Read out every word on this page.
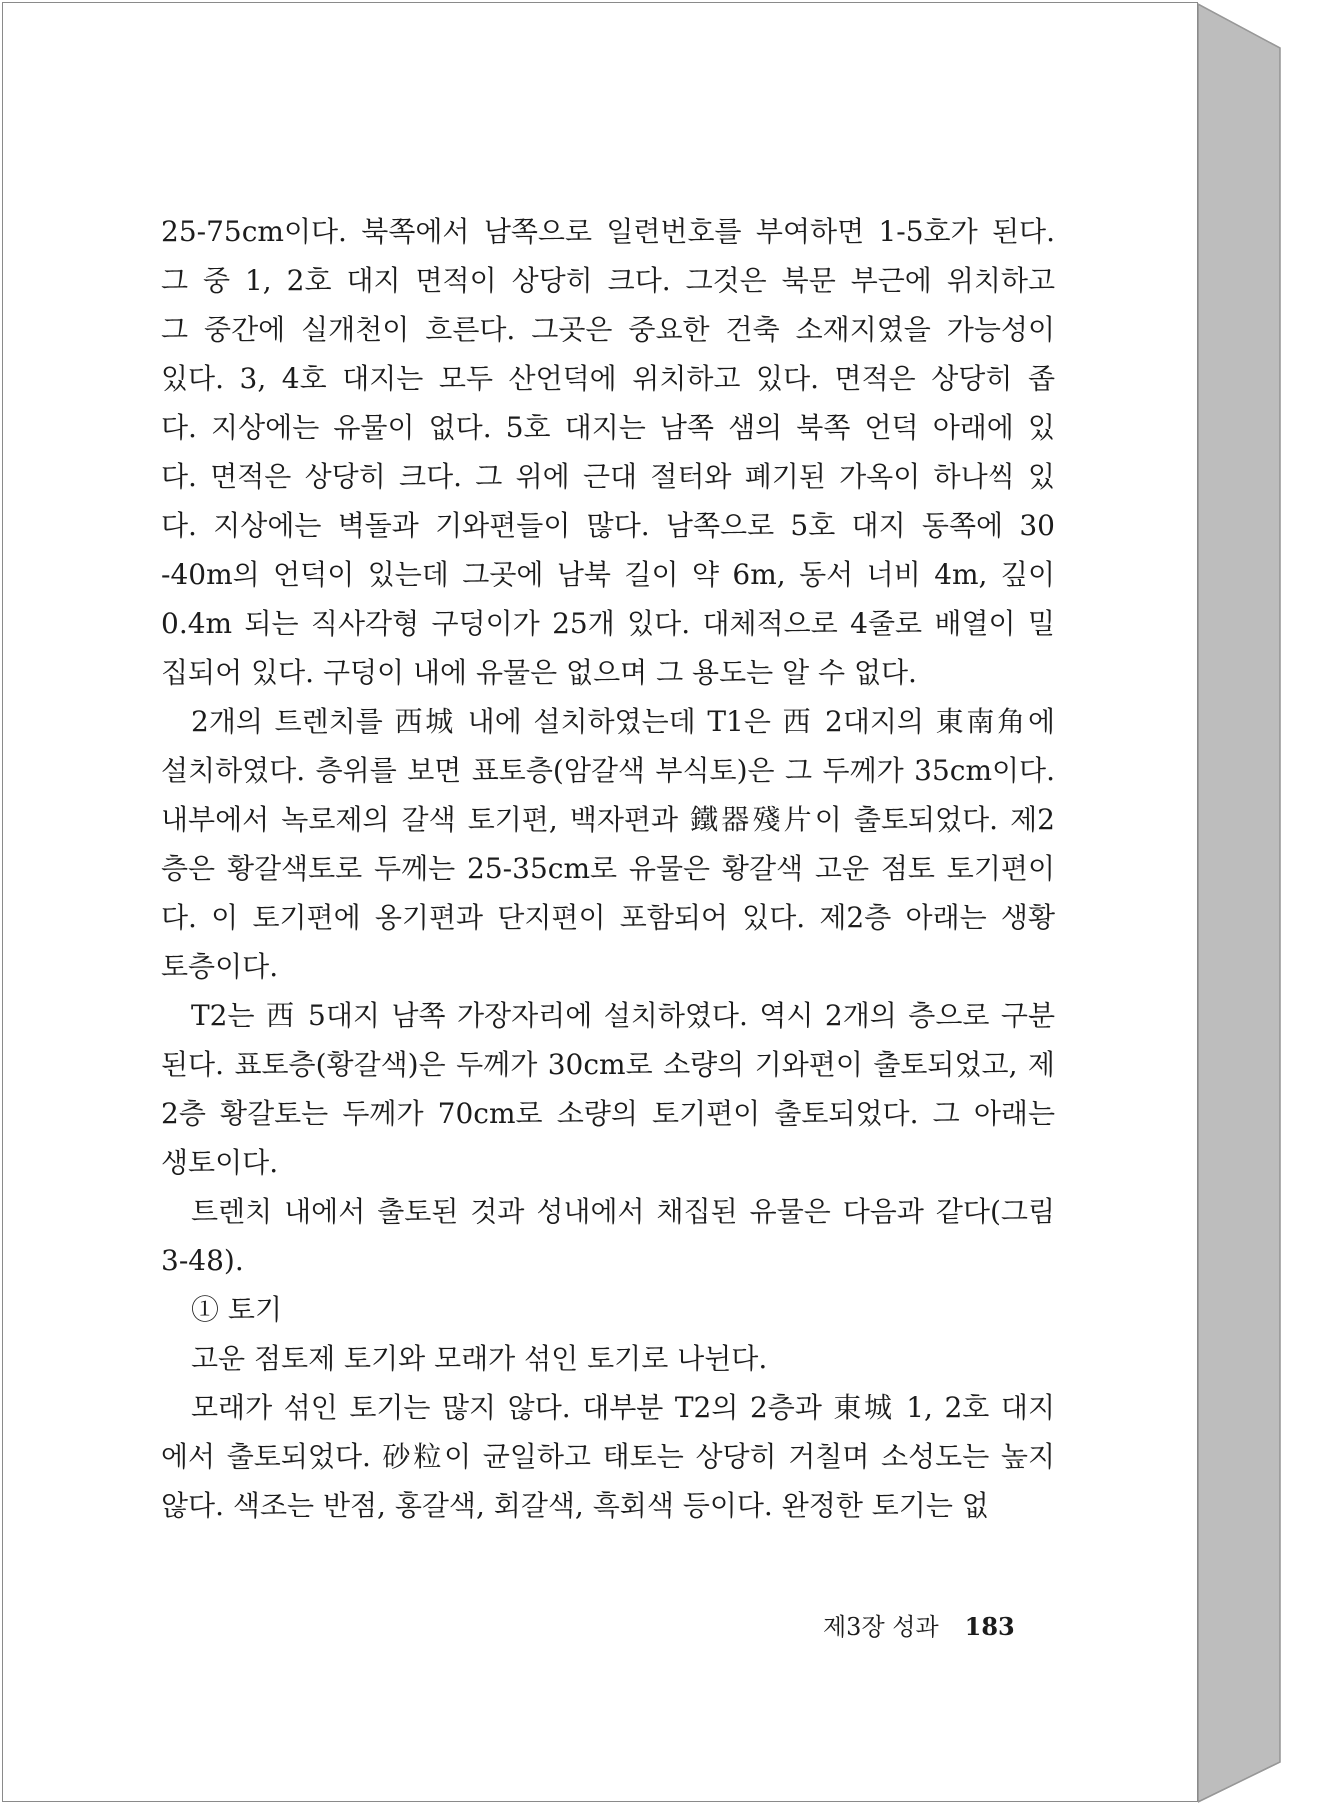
25-75cm이다. 북쪽에서 남쪽으로 일련번호를 부여하면 1-5호가 된다.
그 중 1, 2호 대지 면적이 상당히 크다. 그것은 북문 부근에 위치하고
그 중간에 실개천이 흐른다. 그곳은 중요한 건축 소재지였을 가능성이
있다. 3, 4호 대지는 모두 산언덕에 위치하고 있다. 면적은 상당히 좁
다. 지상에는 유물이 없다. 5호 대지는 남쪽 샘의 북쪽 언덕 아래에 있
다. 면적은 상당히 크다. 그 위에 근대 절터와 폐기된 가옥이 하나씩 있
다. 지상에는 벽돌과 기와편들이 많다. 남쪽으로 5호 대지 동쪽에 30
-40m의 언덕이 있는데 그곳에 남북 길이 약 6m, 동서 너비 4m, 깊이
0.4m 되는 직사각형 구덩이가 25개 있다. 대체적으로 4줄로 배열이 밀
집되어 있다. 구덩이 내에 유물은 없으며 그 용도는 알 수 없다.
2개의 트렌치를 西城 내에 설치하였는데 T1은 西 2대지의 東南角에
설치하였다. 층위를 보면 표토층(암갈색 부식토)은 그 두께가 35cm이다.
내부에서 녹로제의 갈색 토기편, 백자편과 鐵器殘片이 출토되었다. 제2
층은 황갈색토로 두께는 25-35cm로 유물은 황갈색 고운 점토 토기편이
다. 이 토기편에 옹기편과 단지편이 포함되어 있다. 제2층 아래는 생황
토층이다.
T2는 西 5대지 남쪽 가장자리에 설치하였다. 역시 2개의 층으로 구분
된다. 표토층(황갈색)은 두께가 30cm로 소량의 기와편이 출토되었고, 제
2층 황갈토는 두께가 70cm로 소량의 토기편이 출토되었다. 그 아래는
생토이다.
트렌치 내에서 출토된 것과 성내에서 채집된 유물은 다음과 같다(그림
3-48).
① 토기
고운 점토제 토기와 모래가 섞인 토기로 나뉜다.
모래가 섞인 토기는 많지 않다. 대부분 T2의 2층과 東城 1, 2호 대지
에서 출토되었다. 砂粒이 균일하고 태토는 상당히 거칠며 소성도는 높지
않다. 색조는 반점, 홍갈색, 회갈색, 흑회색 등이다. 완정한 토기는 없
제3장 성과 183
